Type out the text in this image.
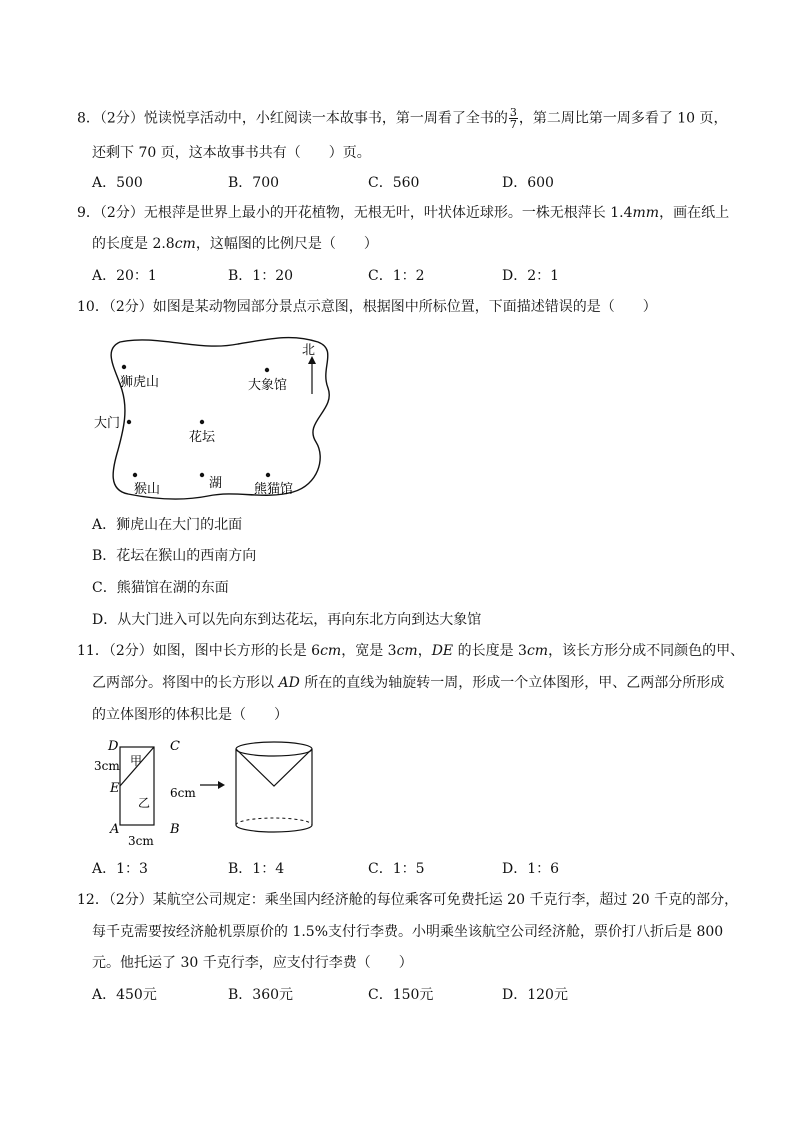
8．（2分）悦读悦享活动中，小红阅读一本故事书，第一周看了全书的 $\frac{3}{7}$ ，第二周比第一周多看了 10 页，
还剩下 70 页，这本故事书共有（　　）页。
A．500	B．700	C．560	D．600
9．（2分）无根萍是世界上最小的开花植物，无根无叶，叶状体近球形。一株无根萍长 1.4mm，画在纸上
的长度是 2.8cm，这幅图的比例尺是（　　）
A．20：1	B．1：20	C．1：2	D．2：1
10．（2分）如图是某动物园部分景点示意图，根据图中所标位置，下面描述错误的是（　　）
北
狮虎山	大象馆
大门
花坛
猴山	湖 熊猫馆
A．狮虎山在大门的北面
B．花坛在猴山的西南方向
C．熊猫馆在湖的东面
D．从大门进入可以先向东到达花坛，再向东北方向到达大象馆
11．（2分）如图，图中长方形的长是 6cm，宽是 3cm，DE 的长度是 3cm，该长方形分成不同颜色的甲、
乙两部分。将图中的长方形以 AD 所在的直线为轴旋转一周，形成一个立体图形，甲、乙两部分所形成
的立体图形的体积比是（　　）
D	C
E
A	B
3cm
6cm
3cm
甲
乙
A．1：3	B．1：4	C．1：5	D．1：6
12．（2分）某航空公司规定：乘坐国内经济舱的每位乘客可免费托运 20 千克行李，超过 20 千克的部分，
每千克需要按经济舱机票原价的 1.5%支付行李费。小明乘坐该航空公司经济舱，票价打八折后是 800
元。他托运了 30 千克行李，应支付行李费（　　）
A．450元	B．360元	C．150元	D．120元
